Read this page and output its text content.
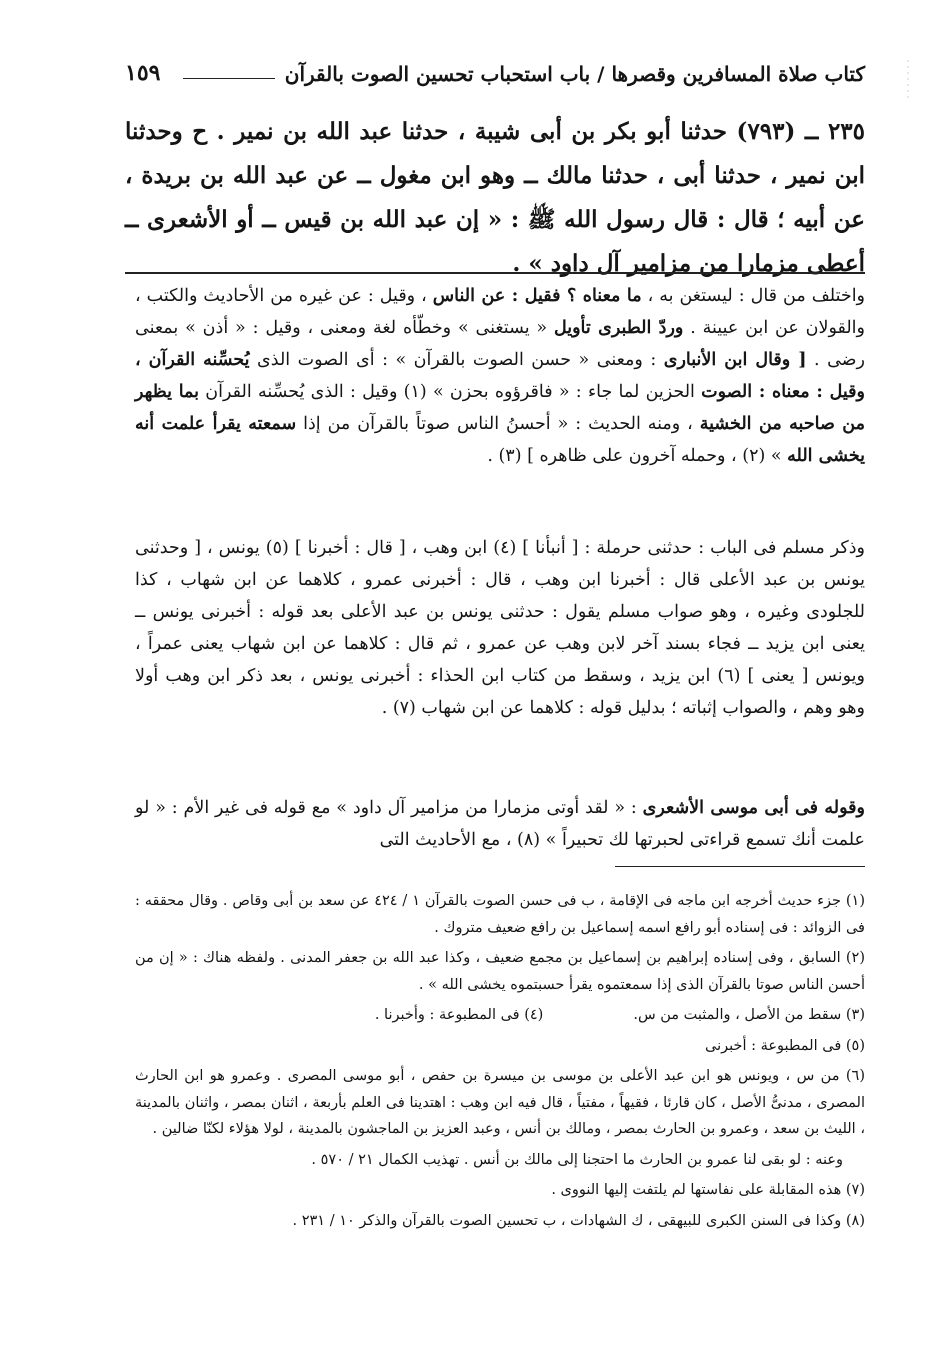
كتاب صلاة المسافرين وقصرها / باب استحباب تحسين الصوت بالقرآن
١٥٩
٢٣٥ ــ (٧٩٣) حدثنا أبو بكر بن أبى شيبة ، حدثنا عبد الله بن نمير . ح وحدثنا ابن نمير ، حدثنا أبى ، حدثنا مالك ــ وهو ابن مغول ــ عن عبد الله بن بريدة ، عن أبيه ؛ قال : قال رسول الله ﷺ : « إن عبد الله بن قيس ــ أو الأشعرى ــ أعطى مزمارا من مزامير آل داود » .

واختلف من قال : ليستغن به ، ما معناه ؟ فقيل : عن الناس ، وقيل : عن غيره من الأحاديث والكتب ، والقولان عن ابن عيينة . وردّ الطبرى تأويل « يستغنى » وخطّأه لغة ومعنى ، وقيل : « أذن » بمعنى رضى . [ وقال ابن الأنبارى : ومعنى « حسن الصوت بالقرآن » : أى الصوت الذى يُحسِّنه القرآن ، وقيل : معناه : الصوت الحزين لما جاء : « فاقرؤوه بحزن » (١) وقيل : الذى يُحسِّنه القرآن بما يظهر من صاحبه من الخشية ، ومنه الحديث : « أحسنُ الناس صوتاً بالقرآن من إذا سمعته يقرأ علمت أنه يخشى الله » (٢) ، وحمله آخرون على ظاهره ] (٣) .

وذكر مسلم فى الباب : حدثنى حرملة : [ أنبأنا ] (٤) ابن وهب ، [ قال : أخبرنا ] (٥) يونس ، [ وحدثنى يونس بن عبد الأعلى قال : أخبرنا ابن وهب ، قال : أخبرنى عمرو ، كلاهما عن ابن شهاب ، كذا للجلودى وغيره ، وهو صواب مسلم يقول : حدثنى يونس بن عبد الأعلى بعد قوله : أخبرنى يونس ــ يعنى ابن يزيد ــ فجاء بسند آخر لابن وهب عن عمرو ، ثم قال : كلاهما عن ابن شهاب يعنى عمراً ، ويونس [ يعنى ] (٦) ابن يزيد ، وسقط من كتاب ابن الحذاء : أخبرنى يونس ، بعد ذكر ابن وهب أولا وهو وهم ، والصواب إثباته ؛ بدليل قوله : كلاهما عن ابن شهاب (٧) .

وقوله فى أبى موسى الأشعرى : « لقد أوتى مزمارا من مزامير آل داود » مع قوله فى غير الأم : « لو علمت أنك تسمع قراءتى لحبرتها لك تحبيراً » (٨) ، مع الأحاديث التى

(١) جزء حديث أخرجه ابن ماجه فى الإقامة ، ب فى حسن الصوت بالقرآن ١ / ٤٢٤ عن سعد بن أبى وقاص . وقال محققه : فى الزوائد : فى إسناده أبو رافع اسمه إسماعيل بن رافع ضعيف متروك .

(٢) السابق ، وفى إسناده إبراهيم بن إسماعيل بن مجمع ضعيف ، وكذا عبد الله بن جعفر المدنى . ولفظه هناك : « إن من أحسن الناس صوتا بالقرآن الذى إذا سمعتموه يقرأ حسبتموه يخشى الله » .

(٣) سقط من الأصل ، والمثبت من س.
(٤) فى المطبوعة : وأخبرنا .

(٥) فى المطبوعة : أخبرنى

(٦) من س ، ويونس هو ابن عبد الأعلى بن موسى بن ميسرة بن حفص ، أبو موسى المصرى . وعمرو هو ابن الحارث المصرى ، مدنىُّ الأصل ، كان قارئا ، فقيهاً ، مفتياً ، قال فيه ابن وهب : اهتدينا فى العلم بأربعة ، اثنان بمصر ، واثنان بالمدينة ، الليث بن سعد ، وعمرو بن الحارث بمصر ، ومالك بن أنس ، وعبد العزيز بن الماجشون بالمدينة ، لولا هؤلاء لكنّا ضالين .

وعنه : لو بقى لنا عمرو بن الحارث ما احتجنا إلى مالك بن أنس . تهذيب الكمال ٢١ / ٥٧٠ .

(٧) هذه المقابلة على نفاستها لم يلتفت إليها النووى .

(٨) وكذا فى السنن الكبرى للبيهقى ، ك الشهادات ، ب تحسين الصوت بالقرآن والذكر ١٠ / ٢٣١ .
